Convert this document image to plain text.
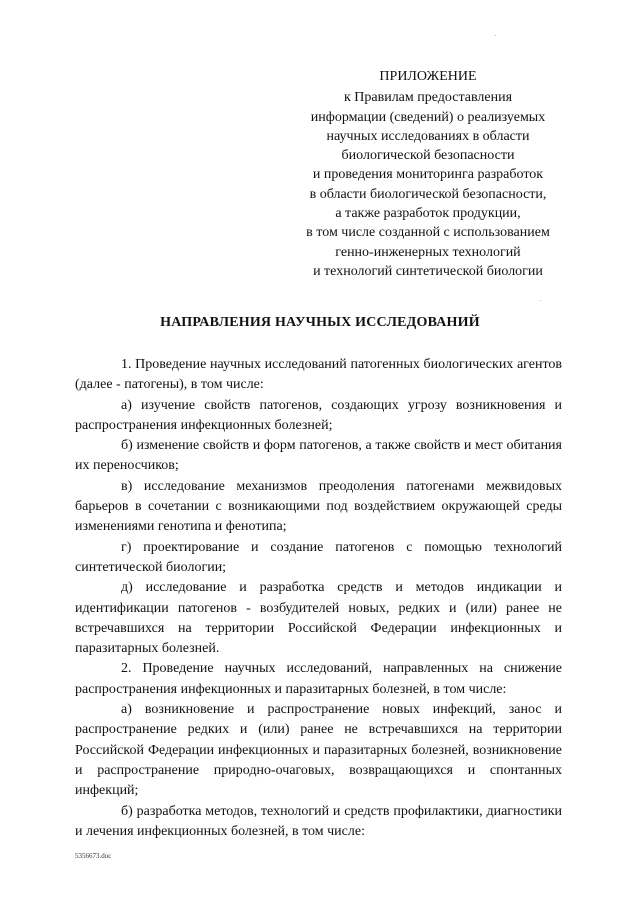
ПРИЛОЖЕНИЕ
к Правилам предоставления
информации (сведений) о реализуемых
научных исследованиях в области
биологической безопасности
и проведения мониторинга разработок
в области биологической безопасности,
а также разработок продукции,
в том числе созданной с использованием
генно-инженерных технологий
и технологий синтетической биологии
НАПРАВЛЕНИЯ НАУЧНЫХ ИССЛЕДОВАНИЙ

1. Проведение научных исследований патогенных биологических агентов (далее - патогены), в том числе:

а) изучение свойств патогенов, создающих угрозу возникновения и распространения инфекционных болезней;

б) изменение свойств и форм патогенов, а также свойств и мест обитания их переносчиков;

в) исследование механизмов преодоления патогенами межвидовых барьеров в сочетании с возникающими под воздействием окружающей среды изменениями генотипа и фенотипа;

г) проектирование и создание патогенов с помощью технологий синтетической биологии;

д) исследование и разработка средств и методов индикации и идентификации патогенов - возбудителей новых, редких и (или) ранее не встречавшихся на территории Российской Федерации инфекционных и паразитарных болезней.

2. Проведение научных исследований, направленных на снижение распространения инфекционных и паразитарных болезней, в том числе:

а) возникновение и распространение новых инфекций, занос и распространение редких и (или) ранее не встречавшихся на территории Российской Федерации инфекционных и паразитарных болезней, возникновение и распространение природно-очаговых, возвращающихся и спонтанных инфекций;

б) разработка методов, технологий и средств профилактики, диагностики и лечения инфекционных болезней, в том числе:

5356673.doc
